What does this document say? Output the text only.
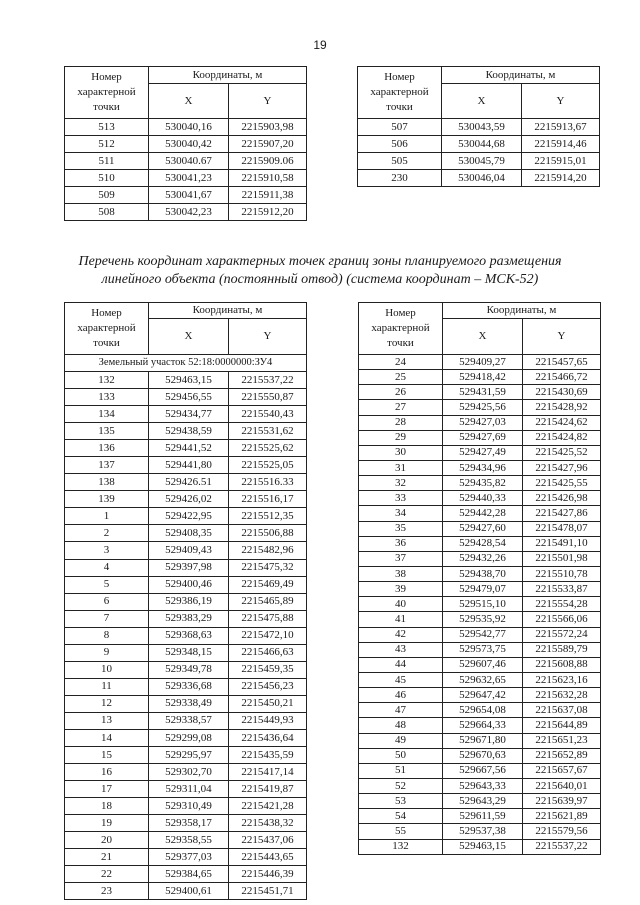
19
Номер характерной точки	Координаты, м	
	X	Y
513	530040,16	2215903,98
512	530040,42	2215907,20
511	530040.67	2215909.06
510	530041,23	2215910,58
509	530041,67	2215911,38
508	530042,23	2215912,20
Номер характерной точки	Координаты, м	
	X	Y
507	530043,59	2215913,67
506	530044,68	2215914,46
505	530045,79	2215915,01
230	530046,04	2215914,20
Перечень координат характерных точек границ зоны планируемого размещения
линейного объекта (постоянный отвод) (система координат – МСК-52)
Номер характерной точки	Координаты, м	
	X	Y
Земельный участок 52:18:0000000:ЗУ4		
132	529463,15	2215537,22
133	529456,55	2215550,87
134	529434,77	2215540,43
135	529438,59	2215531,62
136	529441,52	2215525,62
137	529441,80	2215525,05
138	529426.51	2215516.33
139	529426,02	2215516,17
1	529422,95	2215512,35
2	529408,35	2215506,88
3	529409,43	2215482,96
4	529397,98	2215475,32
5	529400,46	2215469,49
6	529386,19	2215465,89
7	529383,29	2215475,88
8	529368,63	2215472,10
9	529348,15	2215466,63
10	529349,78	2215459,35
11	529336,68	2215456,23
12	529338,49	2215450,21
13	529338,57	2215449,93
14	529299,08	2215436,64
15	529295,97	2215435,59
16	529302,70	2215417,14
17	529311,04	2215419,87
18	529310,49	2215421,28
19	529358,17	2215438,32
20	529358,55	2215437,06
21	529377,03	2215443,65
22	529384,65	2215446,39
23	529400,61	2215451,71
Номер характерной точки	Координаты, м	
	X	Y
24	529409,27	2215457,65
25	529418,42	2215466,72
26	529431,59	2215430,69
27	529425,56	2215428,92
28	529427,03	2215424,62
29	529427,69	2215424,82
30	529427,49	2215425,52
31	529434,96	2215427,96
32	529435,82	2215425,55
33	529440,33	2215426,98
34	529442,28	2215427,86
35	529427,60	2215478,07
36	529428,54	2215491,10
37	529432,26	2215501,98
38	529438,70	2215510,78
39	529479,07	2215533,87
40	529515,10	2215554,28
41	529535,92	2215566,06
42	529542,77	2215572,24
43	529573,75	2215589,79
44	529607,46	2215608,88
45	529632,65	2215623,16
46	529647,42	2215632,28
47	529654,08	2215637,08
48	529664,33	2215644,89
49	529671,80	2215651,23
50	529670,63	2215652,89
51	529667,56	2215657,67
52	529643,33	2215640,01
53	529643,29	2215639,97
54	529611,59	2215621,89
55	529537,38	2215579,56
132	529463,15	2215537,22
